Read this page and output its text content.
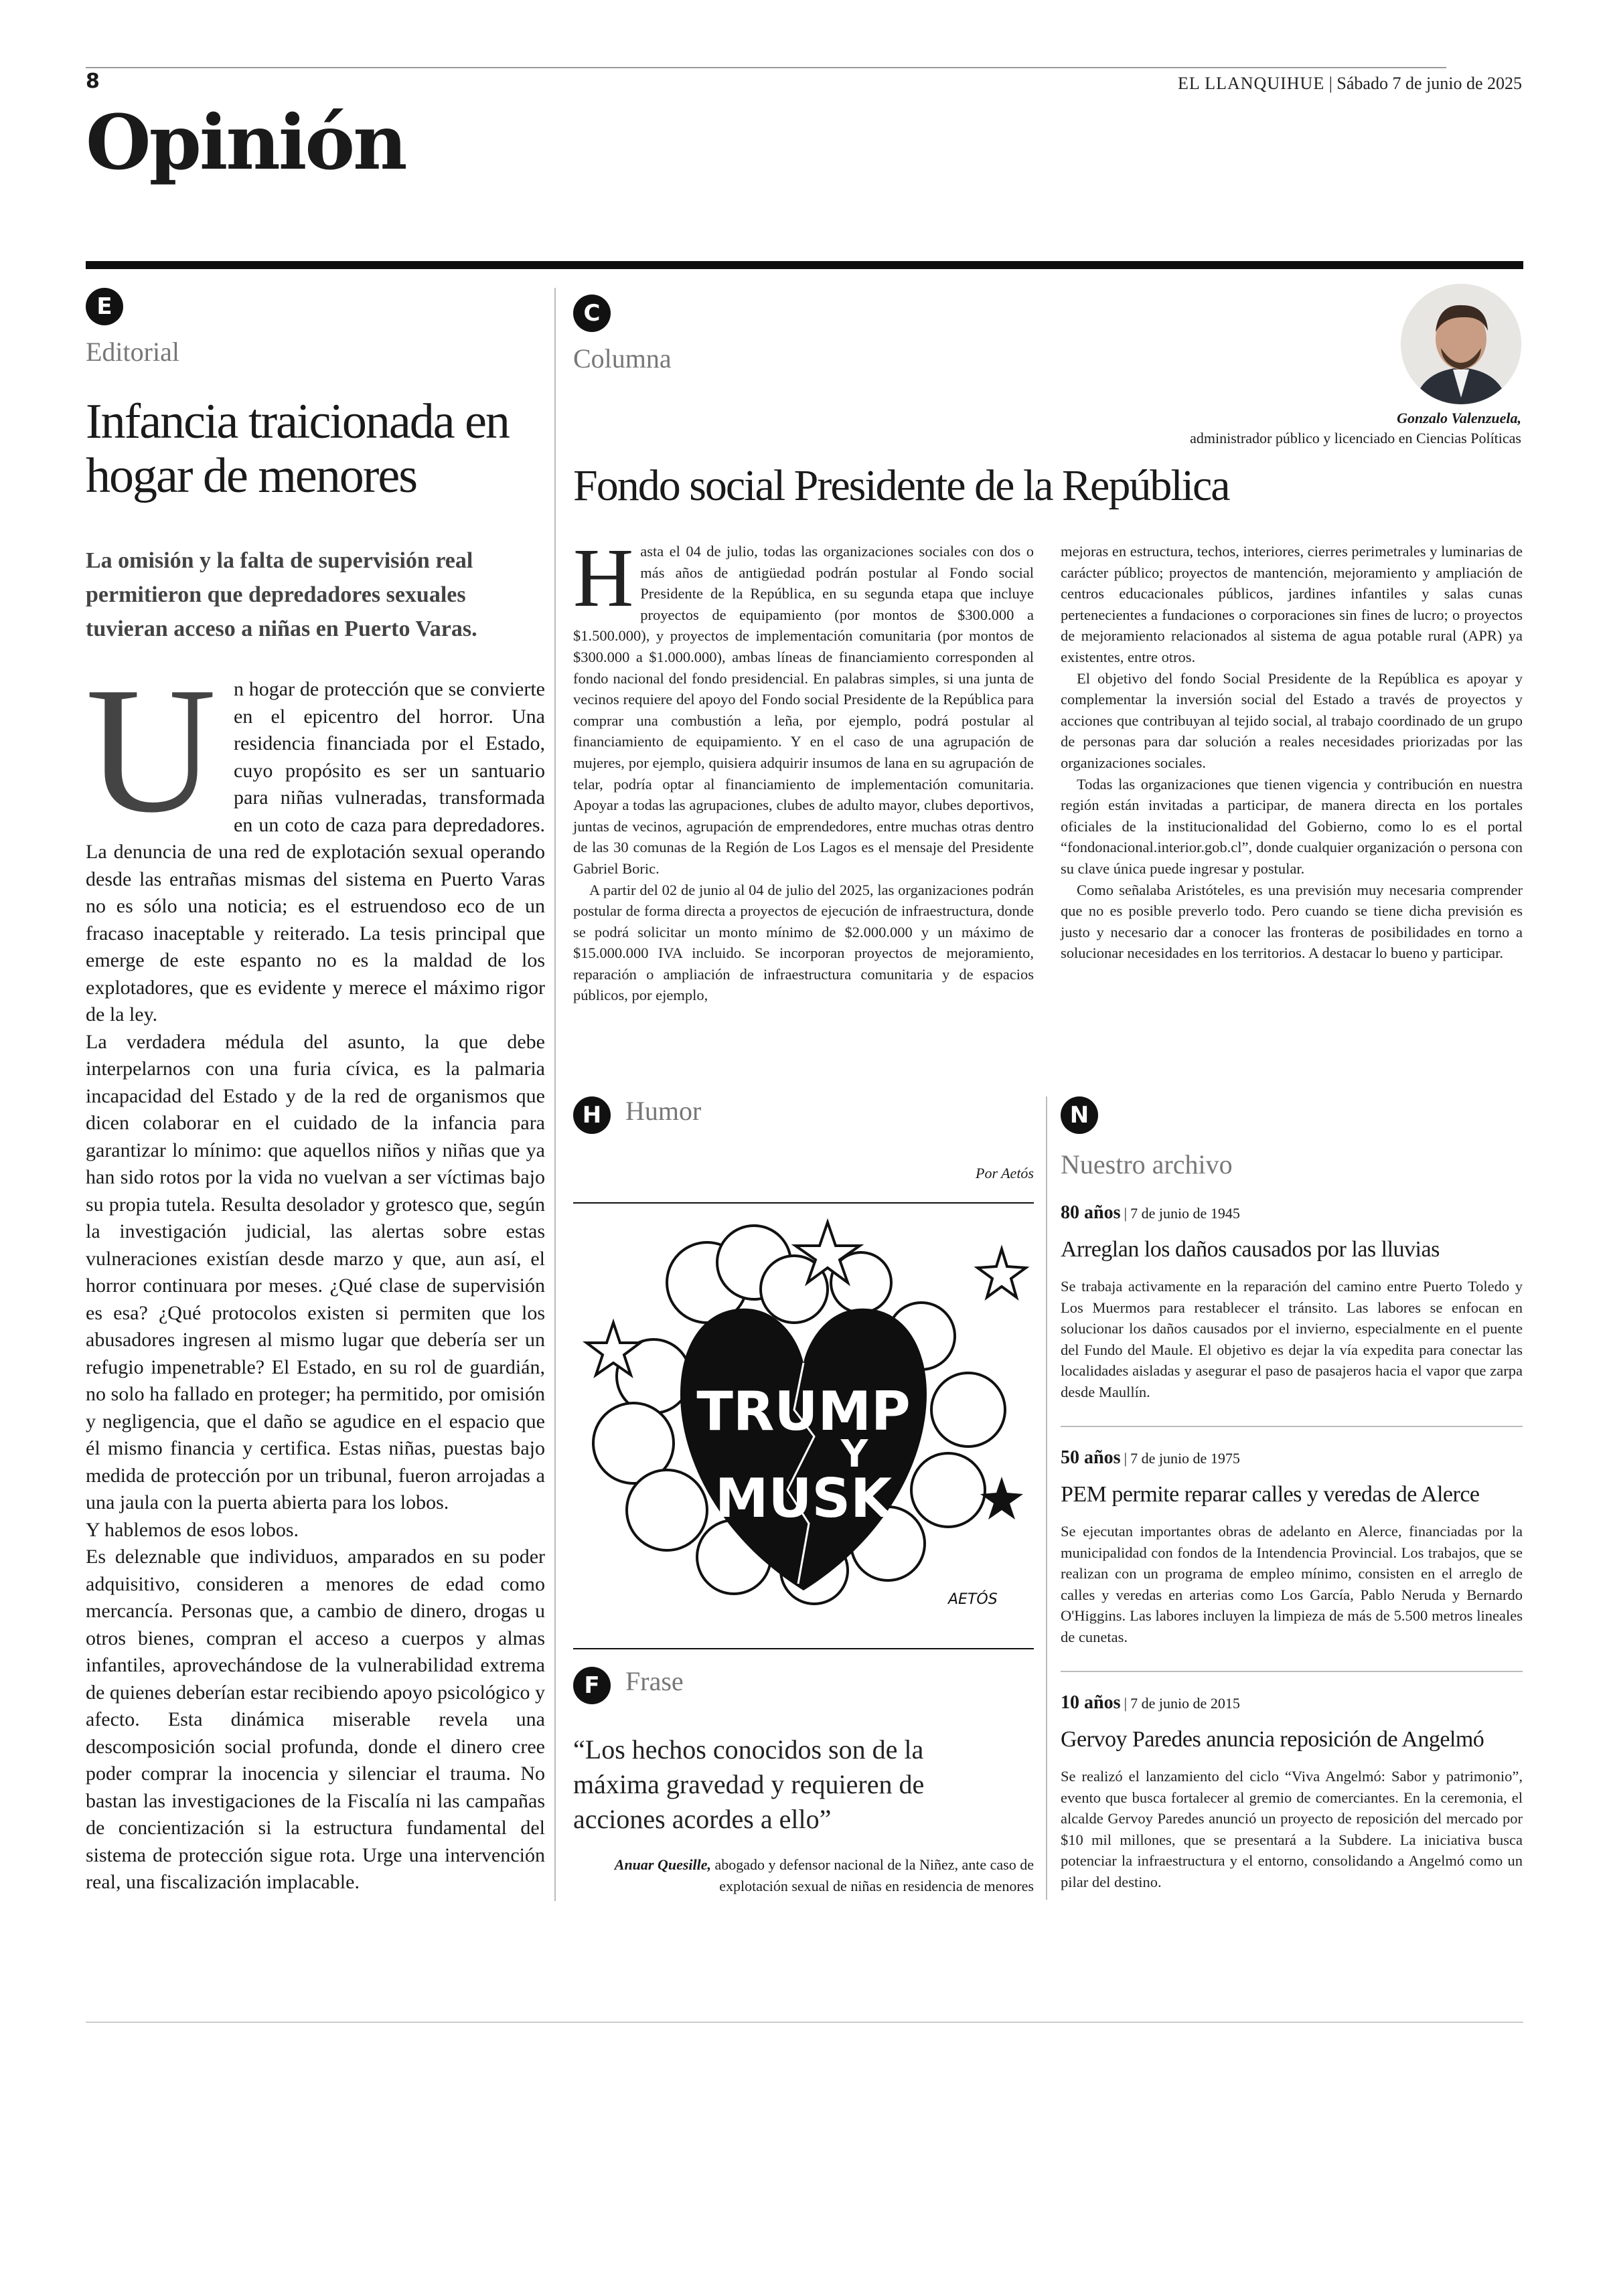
8	EL LLANQUIHUE | Sábado 7 de junio de 2025
Opinión
E
Editorial
Infancia traicionada en hogar de menores
La omisión y la falta de supervisión real permitieron que depredadores sexuales tuvieran acceso a niñas en Puerto Varas.
U n hogar de protección que se convierte en el epicentro del horror. Una residencia financiada por el Estado, cuyo propósito es ser un santuario para niñas vulneradas, transformada en un coto de caza para depredadores. La denuncia de una red de explotación sexual operando desde las entrañas mismas del sistema en Puerto Varas no es sólo una noticia; es el estruendoso eco de un fracaso inaceptable y reiterado. La tesis principal que emerge de este espanto no es la maldad de los explotadores, que es evidente y merece el máximo rigor de la ley.

La verdadera médula del asunto, la que debe interpelarnos con una furia cívica, es la palmaria incapacidad del Estado y de la red de organismos que dicen colaborar en el cuidado de la infancia para garantizar lo mínimo: que aquellos niños y niñas que ya han sido rotos por la vida no vuelvan a ser víctimas bajo su propia tutela. Resulta desolador y grotesco que, según la investigación judicial, las alertas sobre estas vulneraciones existían desde marzo y que, aun así, el horror continuara por meses. ¿Qué clase de supervisión es esa? ¿Qué protocolos existen si permiten que los abusadores ingresen al mismo lugar que debería ser un refugio impenetrable? El Estado, en su rol de guardián, no solo ha fallado en proteger; ha permitido, por omisión y negligencia, que el daño se agudice en el espacio que él mismo financia y certifica. Estas niñas, puestas bajo medida de protección por un tribunal, fueron arrojadas a una jaula con la puerta abierta para los lobos.

Y hablemos de esos lobos.

Es deleznable que individuos, amparados en su poder adquisitivo, consideren a menores de edad como mercancía. Personas que, a cambio de dinero, drogas u otros bienes, compran el acceso a cuerpos y almas infantiles, aprovechándose de la vulnerabilidad extrema de quienes deberían estar recibiendo apoyo psicológico y afecto. Esta dinámica miserable revela una descomposición social profunda, donde el dinero cree poder comprar la inocencia y silenciar el trauma. No bastan las investigaciones de la Fiscalía ni las campañas de concientización si la estructura fundamental del sistema de protección sigue rota. Urge una intervención real, una fiscalización implacable.

C
Columna
Gonzalo Valenzuela,
administrador público y licenciado en Ciencias Políticas
Fondo social Presidente de la República
H asta el 04 de julio, todas las organizaciones sociales con dos o más años de antigüedad podrán postular al Fondo social Presidente de la República, en su segunda etapa que incluye proyectos de equipamiento (por montos de $300.000 a $1.500.000), y proyectos de implementación comunitaria (por montos de $300.000 a $1.000.000), ambas líneas de financiamiento corresponden al fondo nacional del fondo presidencial. En palabras simples, si una junta de vecinos requiere del apoyo del Fondo social Presidente de la República para comprar una combustión a leña, por ejemplo, podrá postular al financiamiento de equipamiento. Y en el caso de una agrupación de mujeres, por ejemplo, quisiera adquirir insumos de lana en su agrupación de telar, podría optar al financiamiento de implementación comunitaria. Apoyar a todas las agrupaciones, clubes de adulto mayor, clubes deportivos, juntas de vecinos, agrupación de emprendedores, entre muchas otras dentro de las 30 comunas de la Región de Los Lagos es el mensaje del Presidente Gabriel Boric.

A partir del 02 de junio al 04 de julio del 2025, las organizaciones podrán postular de forma directa a proyectos de ejecución de infraestructura, donde se podrá solicitar un monto mínimo de $2.000.000 y un máximo de $15.000.000 IVA incluido. Se incorporan proyectos de mejoramiento, reparación o ampliación de infraestructura comunitaria y de espacios públicos, por ejemplo,

mejoras en estructura, techos, interiores, cierres perimetrales y luminarias de carácter público; proyectos de mantención, mejoramiento y ampliación de centros educacionales públicos, jardines infantiles y salas cunas pertenecientes a fundaciones o corporaciones sin fines de lucro; o proyectos de mejoramiento relacionados al sistema de agua potable rural (APR) ya existentes, entre otros.

El objetivo del fondo Social Presidente de la República es apoyar y complementar la inversión social del Estado a través de proyectos y acciones que contribuyan al tejido social, al trabajo coordinado de un grupo de personas para dar solución a reales necesidades priorizadas por las organizaciones sociales.

Todas las organizaciones que tienen vigencia y contribución en nuestra región están invitadas a participar, de manera directa en los portales oficiales de la institucionalidad del Gobierno, como lo es el portal “fondonacional.interior.gob.cl”, donde cualquier organización o persona con su clave única puede ingresar y postular.

Como señalaba Aristóteles, es una previsión muy necesaria comprender que no es posible preverlo todo. Pero cuando se tiene dicha previsión es justo y necesario dar a conocer las fronteras de posibilidades en torno a solucionar necesidades en los territorios. A destacar lo bueno y participar.

H Humor
Por Aetós
TRUMP
Y
MUSK
AETÓS
F Frase
“Los hechos conocidos son de la máxima gravedad y requieren de acciones acordes a ello”
Anuar Quesille, abogado y defensor nacional de la Niñez, ante caso de explotación sexual de niñas en residencia de menores
N
Nuestro archivo
80 años | 7 de junio de 1945
Arreglan los daños causados por las lluvias
Se trabaja activamente en la reparación del camino entre Puerto Toledo y Los Muermos para restablecer el tránsito. Las labores se enfocan en solucionar los daños causados por el invierno, especialmente en el puente del Fundo del Maule. El objetivo es dejar la vía expedita para conectar las localidades aisladas y asegurar el paso de pasajeros hacia el vapor que zarpa desde Maullín.
50 años | 7 de junio de 1975
PEM permite reparar calles y veredas de Alerce
Se ejecutan importantes obras de adelanto en Alerce, financiadas por la municipalidad con fondos de la Intendencia Provincial. Los trabajos, que se realizan con un programa de empleo mínimo, consisten en el arreglo de calles y veredas en arterias como Los García, Pablo Neruda y Bernardo O'Higgins. Las labores incluyen la limpieza de más de 5.500 metros lineales de cunetas.
10 años | 7 de junio de 2015
Gervoy Paredes anuncia reposición de Angelmó
Se realizó el lanzamiento del ciclo “Viva Angelmó: Sabor y patrimonio”, evento que busca fortalecer al gremio de comerciantes. En la ceremonia, el alcalde Gervoy Paredes anunció un proyecto de reposición del mercado por $10 mil millones, que se presentará a la Subdere. La iniciativa busca potenciar la infraestructura y el entorno, consolidando a Angelmó como un pilar del destino.
